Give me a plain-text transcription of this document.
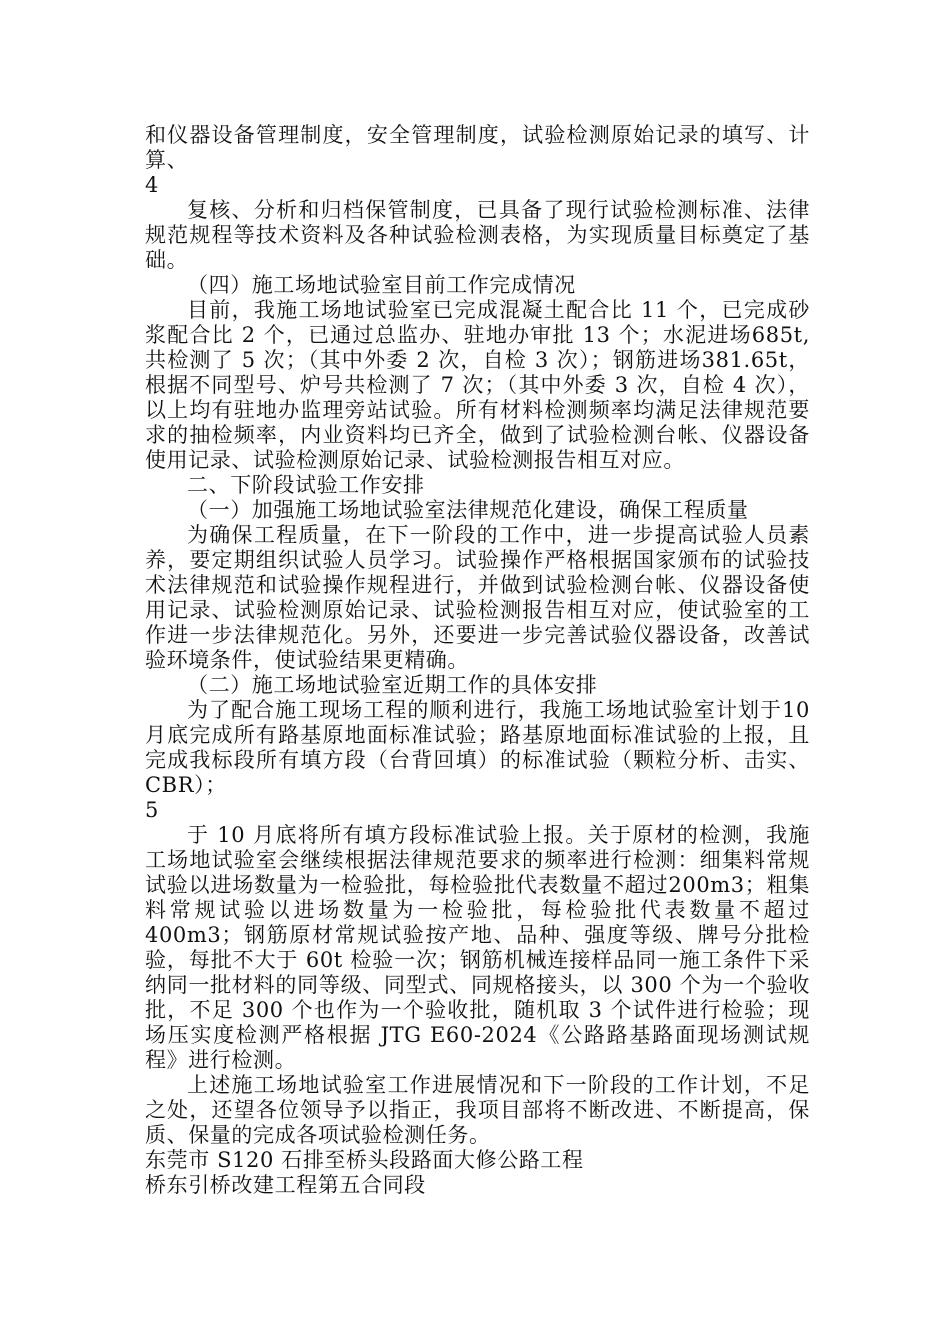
和仪器设备管理制度，安全管理制度，试验检测原始记录的填写、计算、

4

复核、分析和归档保管制度，已具备了现行试验检测标准、法律规范规程等技术资料及各种试验检测表格，为实现质量目标奠定了基础。

（四）施工场地试验室目前工作完成情况

目前，我施工场地试验室已完成混凝土配合比 11 个，已完成砂浆配合比 2 个，已通过总监办、驻地办审批 13 个；水泥进场685t,共检测了 5 次；（其中外委 2 次，自检 3 次）；钢筋进场381.65t，根据不同型号、炉号共检测了 7 次；（其中外委 3 次，自检 4 次），以上均有驻地办监理旁站试验。所有材料检测频率均满足法律规范要求的抽检频率，内业资料均已齐全，做到了试验检测台帐、仪器设备使用记录、试验检测原始记录、试验检测报告相互对应。

二、下阶段试验工作安排

（一）加强施工场地试验室法律规范化建设，确保工程质量

为确保工程质量，在下一阶段的工作中，进一步提高试验人员素养，要定期组织试验人员学习。试验操作严格根据国家颁布的试验技术法律规范和试验操作规程进行，并做到试验检测台帐、仪器设备使用记录、试验检测原始记录、试验检测报告相互对应，使试验室的工作进一步法律规范化。另外，还要进一步完善试验仪器设备，改善试验环境条件，使试验结果更精确。

（二）施工场地试验室近期工作的具体安排

为了配合施工现场工程的顺利进行，我施工场地试验室计划于10 月底完成所有路基原地面标准试验；路基原地面标准试验的上报，且完成我标段所有填方段（台背回填）的标准试验（颗粒分析、击实、CBR）；

5

于 10 月底将所有填方段标准试验上报。关于原材的检测，我施工场地试验室会继续根据法律规范要求的频率进行检测：细集料常规试验以进场数量为一检验批，每检验批代表数量不超过200m3；粗集料常规试验以进场数量为一检验批，每检验批代表数量不超过 400m3；钢筋原材常规试验按产地、品种、强度等级、牌号分批检验，每批不大于 60t 检验一次；钢筋机械连接样品同一施工条件下采纳同一批材料的同等级、同型式、同规格接头，以 300 个为一个验收批，不足 300 个也作为一个验收批，随机取 3 个试件进行检验；现场压实度检测严格根据 JTG E60-2024《公路路基路面现场测试规程》进行检测。

上述施工场地试验室工作进展情况和下一阶段的工作计划，不足之处，还望各位领导予以指正，我项目部将不断改进、不断提高，保质、保量的完成各项试验检测任务。

东莞市 S120 石排至桥头段路面大修公路工程

桥东引桥改建工程第五合同段
